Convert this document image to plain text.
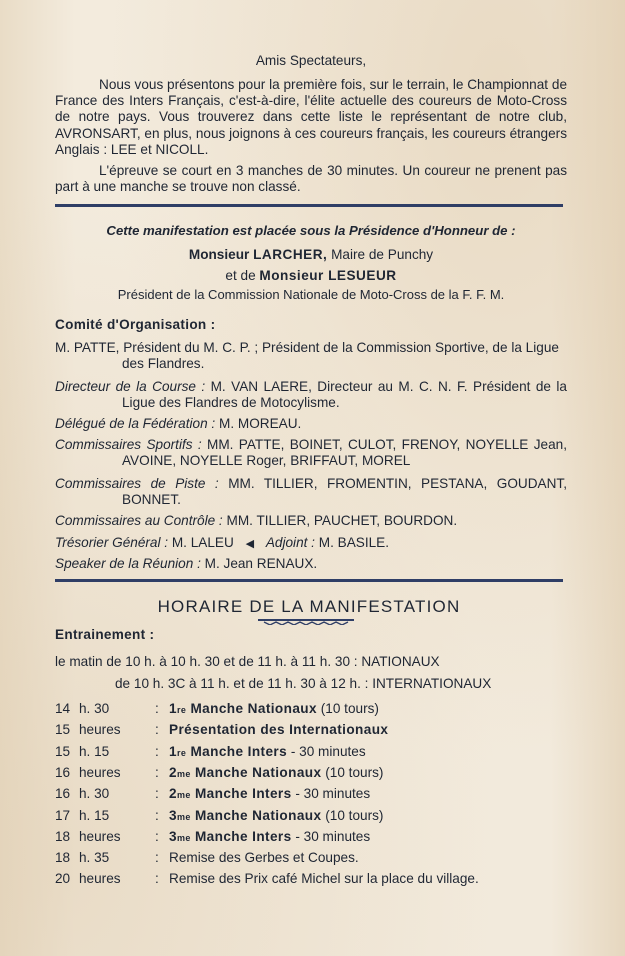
Amis Spectateurs,
Nous vous présentons pour la première fois, sur le terrain, le Championnat de France des Inters Français, c'est-à-dire, l'élite actuelle des coureurs de Moto-Cross de notre pays. Vous trouverez dans cette liste le représentant de notre club, AVRONSART, en plus, nous joignons à ces coureurs français, les coureurs étrangers Anglais : LEE et NICOLL.
L'épreuve se court en 3 manches de 30 minutes. Un coureur ne prenent pas part à une manche se trouve non classé.
Cette manifestation est placée sous la Présidence d'Honneur de :
Monsieur LARCHER, Maire de Punchy
et de Monsieur LESUEUR
Président de la Commission Nationale de Moto-Cross de la F. F. M.
Comité d'Organisation :
M. PATTE, Président du M. C. P. ; Président de la Commission Sportive, de la Ligue des Flandres.
Directeur de la Course : M. VAN LAERE, Directeur au M. C. N. F. Président de la Ligue des Flandres de Motocylisme.
Délégué de la Fédération : M. MOREAU.
Commissaires Sportifs : MM. PATTE, BOINET, CULOT, FRENOY, NOYELLE Jean, AVOINE, NOYELLE Roger, BRIFFAUT, MOREL
Commissaires de Piste : MM. TILLIER, FROMENTIN, PESTANA, GOUDANT, BONNET.
Commissaires au Contrôle : MM. TILLIER, PAUCHET, BOURDON.
Trésorier Général : M. LALEU ◀ Adjoint : M. BASILE.
Speaker de la Réunion : M. Jean RENAUX.
HORAIRE DE LA MANIFESTATION
Entrainement :
le matin de 10 h. à 10 h. 30 et de 11 h. à 11 h. 30 : NATIONAUX
de 10 h. 3C à 11 h. et de 11 h. 30 à 12 h. : INTERNATIONAUX
14 h. 30	: 1re Manche Nationaux (10 tours)
15 heures	: Présentation des Internationaux
15 h. 15	: 1re Manche Inters - 30 minutes
16 heures	: $2^{me}$ Manche Nationaux (10 tours)
16 h. 30	: $2^{me}$ Manche Inters - 30 minutes
17 h. 15	: $3^{me}$ Manche Nationaux (10 tours)
18 heures	: $3^{me}$ Manche Inters - 30 minutes
18 h. 35	: Remise des Gerbes et Coupes.
20 heures	: Remise des Prix café Michel sur la place du village.
